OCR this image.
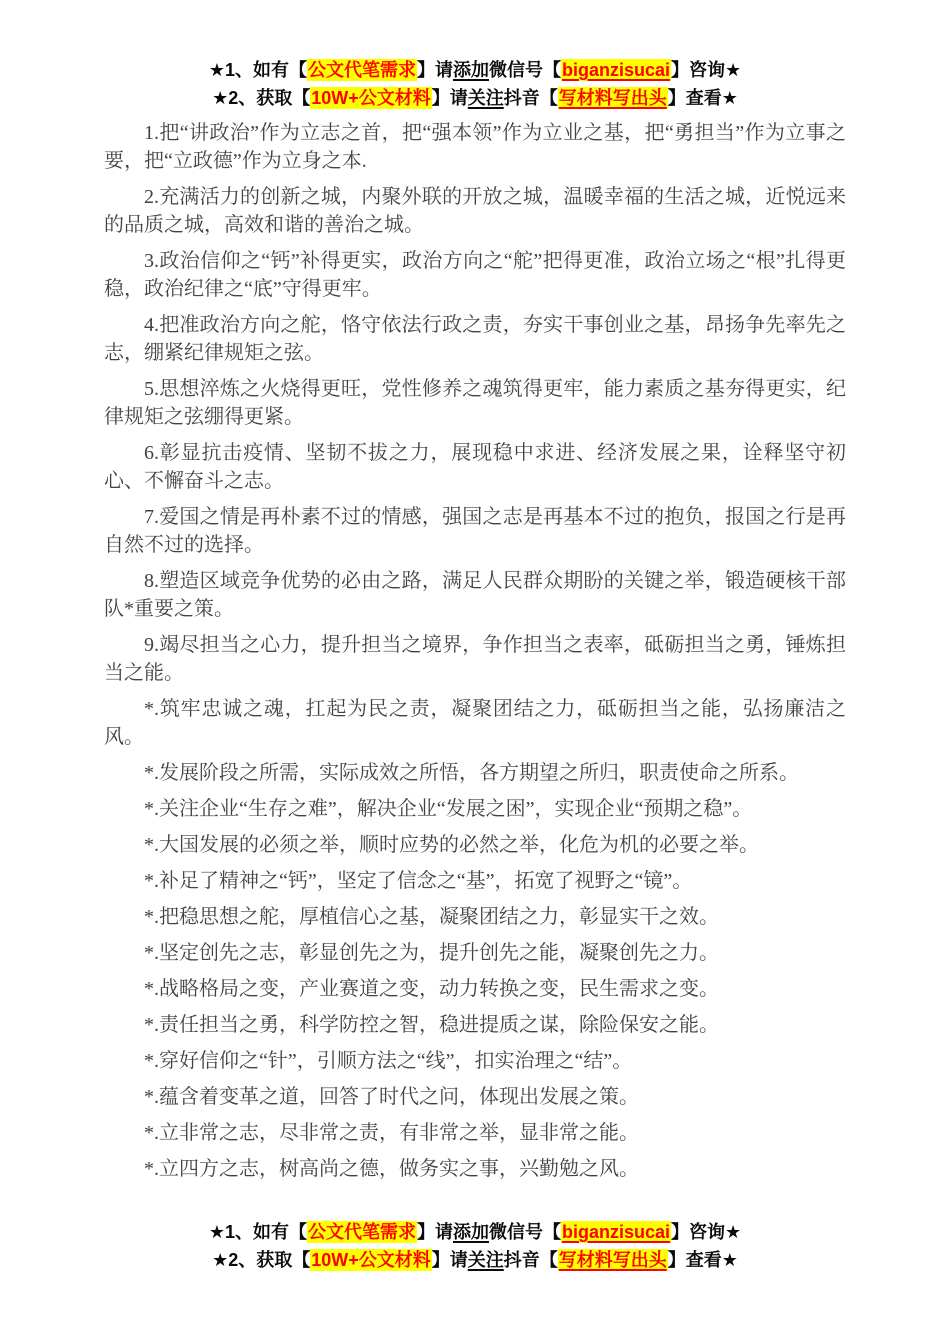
★1、如有【公文代笔需求】请添加微信号【biganzisucai】咨询★
★2、获取【10W+公文材料】请关注抖音【写材料写出头】查看★

1.把“讲政治”作为立志之首，把“强本领”作为立业之基，把“勇担当”作为立事之要，把“立政德”作为立身之本.

2.充满活力的创新之城，内聚外联的开放之城，温暖幸福的生活之城，近悦远来的品质之城，高效和谐的善治之城。

3.政治信仰之“钙”补得更实，政治方向之“舵”把得更准，政治立场之“根”扎得更稳，政治纪律之“底”守得更牢。

4.把准政治方向之舵，恪守依法行政之责，夯实干事创业之基，昂扬争先率先之志，绷紧纪律规矩之弦。

5.思想淬炼之火烧得更旺，党性修养之魂筑得更牢，能力素质之基夯得更实，纪律规矩之弦绷得更紧。

6.彰显抗击疫情、坚韧不拔之力，展现稳中求进、经济发展之果，诠释坚守初心、不懈奋斗之志。

7.爱国之情是再朴素不过的情感，强国之志是再基本不过的抱负，报国之行是再自然不过的选择。

8.塑造区域竞争优势的必由之路，满足人民群众期盼的关键之举，锻造硬核干部队*重要之策。

9.竭尽担当之心力，提升担当之境界，争作担当之表率，砥砺担当之勇，锤炼担当之能。

*.筑牢忠诚之魂，扛起为民之责，凝聚团结之力，砥砺担当之能，弘扬廉洁之风。

*.发展阶段之所需，实际成效之所悟，各方期望之所归，职责使命之所系。

*.关注企业“生存之难”，解决企业“发展之困”，实现企业“预期之稳”。

*.大国发展的必须之举，顺时应势的必然之举，化危为机的必要之举。

*.补足了精神之“钙”，坚定了信念之“基”，拓宽了视野之“镜”。

*.把稳思想之舵，厚植信心之基，凝聚团结之力，彰显实干之效。

*.坚定创先之志，彰显创先之为，提升创先之能，凝聚创先之力。

*.战略格局之变，产业赛道之变，动力转换之变，民生需求之变。

*.责任担当之勇，科学防控之智，稳进提质之谋，除险保安之能。

*.穿好信仰之“针”，引顺方法之“线”，扣实治理之“结”。

*.蕴含着变革之道，回答了时代之问，体现出发展之策。

*.立非常之志，尽非常之责，有非常之举，显非常之能。

*.立四方之志，树高尚之德，做务实之事，兴勤勉之风。

★1、如有【公文代笔需求】请添加微信号【biganzisucai】咨询★
★2、获取【10W+公文材料】请关注抖音【写材料写出头】查看★
